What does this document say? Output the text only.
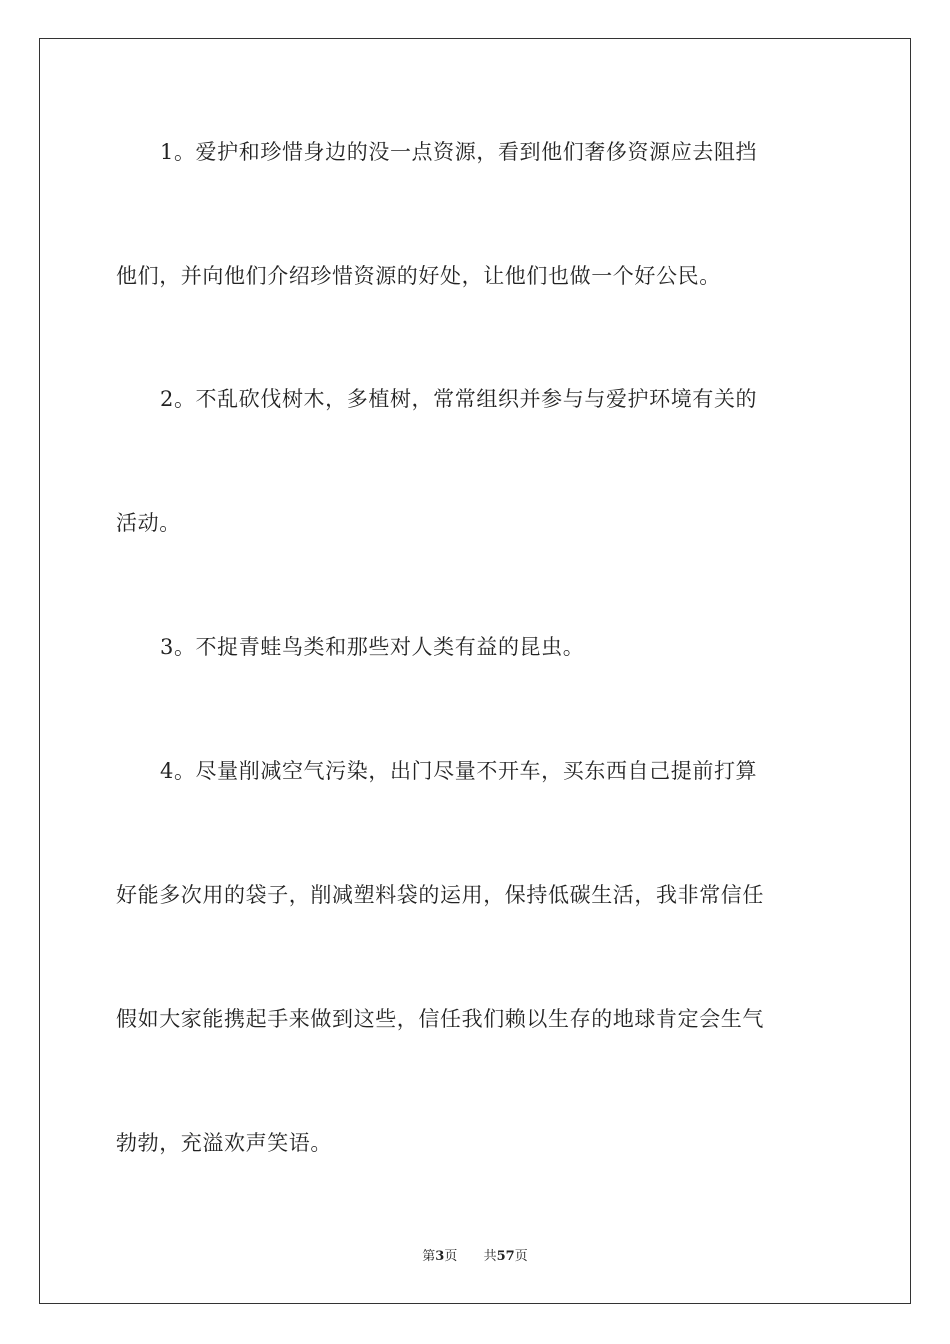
1。爱护和珍惜身边的没一点资源，看到他们奢侈资源应去阻挡
他们，并向他们介绍珍惜资源的好处，让他们也做一个好公民。
2。不乱砍伐树木，多植树，常常组织并参与与爱护环境有关的
活动。
3。不捉青蛙鸟类和那些对人类有益的昆虫。
4。尽量削减空气污染，出门尽量不开车，买东西自己提前打算
好能多次用的袋子，削减塑料袋的运用，保持低碳生活，我非常信任
假如大家能携起手来做到这些，信任我们赖以生存的地球肯定会生气
勃勃，充溢欢声笑语。
第3页 共57页
